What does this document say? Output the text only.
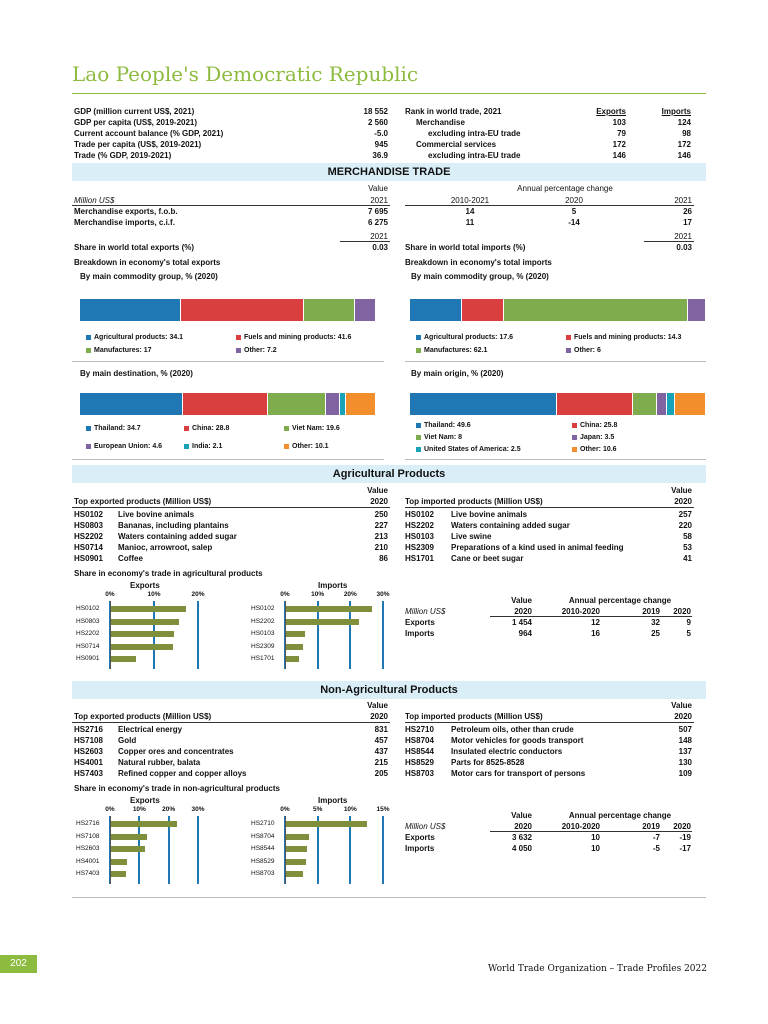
Lao People's Democratic Republic
GDP (million current US$, 2021)	18 552
GDP per capita (US$, 2019-2021)	2 560
Current account balance (% GDP, 2021)	-5.0
Trade per capita (US$, 2019-2021)	945
Trade (% GDP, 2019-2021)	36.9
Rank in world trade, 2021	Exports	Imports
Merchandise	103	124
excluding intra-EU trade	79	98
Commercial services	172	172
excluding intra-EU trade	146	146
MERCHANDISE TRADE
Value	Annual percentage change
Million US$	2021	2010-2021	2020	2021
Merchandise exports, f.o.b.	7 695	14	5	26
Merchandise imports, c.i.f.	6 275	11	-14	17
2021	2021
Share in world total exports (%)	0.03 Share in world total imports (%)	0.03
Breakdown in economy's total exports	Breakdown in economy's total imports
By main commodity group, % (2020)	By main commodity group, % (2020)
By main destination, % (2020)	By main origin, % (2020)
Agricultural products: 34.1	Fuels and mining products: 41.6
Manufactures: 17	Other: 7.2
Agricultural products: 17.6	Fuels and mining products: 14.3
Manufactures: 62.1	Other: 6
Thailand: 34.7	China: 28.8	Viet Nam: 19.6
European Union: 4.6	India: 2.1	Other: 10.1
Thailand: 49.6	China: 25.8
Viet Nam: 8	Japan: 3.5
United States of America: 2.5	Other: 10.6
Agricultural Products
Value	Value
Top exported products (Million US$)	2020 Top imported products (Million US$)	2020
HS0102 Live bovine animals	250 HS0102 Live bovine animals	257
HS0803 Bananas, including plantains	227 HS2202 Waters containing added sugar	220
HS2202 Waters containing added sugar	213 HS0103 Live swine	58
HS0714 Manioc, arrowroot, salep	210 HS2309 Preparations of a kind used in animal feeding	53
HS0901 Coffee	86 HS1701 Cane or beet sugar	41
Share in economy's trade in agricultural products
Exports	Imports
0%	10%	20%
HS0102
HS0803
HS2202
HS0714
HS0901
0%	10%	20%	30%
HS0102
HS2202
HS0103
HS2309
HS1701
Value	Annual percentage change
Million US$	2020	2010-2020	2019	2020
Exports	1 454	12	32	9
Imports	964	16	25	5
Non-Agricultural Products
Value	Value
Top exported products (Million US$)	2020 Top imported products (Million US$)	2020
HS2716 Electrical energy	831 HS2710 Petroleum oils, other than crude	507
HS7108 Gold	457 HS8704 Motor vehicles for goods transport	148
HS2603 Copper ores and concentrates	437 HS8544 Insulated electric conductors	137
HS4001 Natural rubber, balata	215 HS8529 Parts for 8525-8528	130
HS7403 Refined copper and copper alloys	205 HS8703 Motor cars for transport of persons	109
Share in economy's trade in non-agricultural products
Exports	Imports
0%	10%	20%	30%
HS2716
HS7108
HS2603
HS4001
HS7403
0%	5%	10%	15%
HS2710
HS8704
HS8544
HS8529
HS8703
Value	Annual percentage change
Million US$	2020	2010-2020	2019	2020
Exports	3 632	10	-7	-19
Imports	4 050	10	-5	-17
202	World Trade Organization – Trade Profiles 2022
